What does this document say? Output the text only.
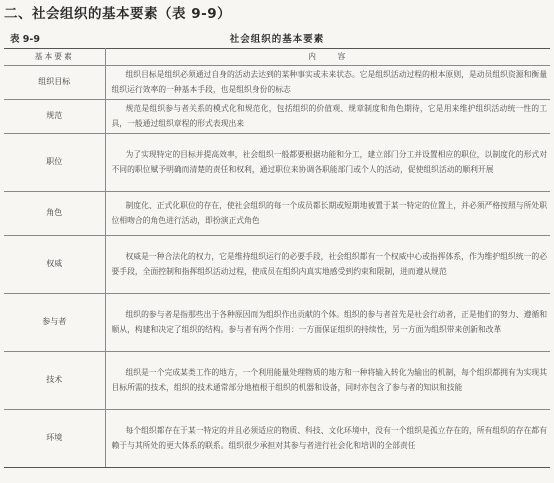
二、社会组织的基本要素（表 9-9）
表 9-9	社会组织的基本要素
基本要素	内　　容
组织目标	组织目标是组织必须通过自身的活动去达到的某种事实或未来状态。它是组织活动过程的根本原则，是动员组织资源和衡量组织运行效率的一种基本手段，也是组织身份的标志
规范	规范是组织参与者关系的模式化和规范化，包括组织的价值观、规章制度和角色期待，它是用来维护组织活动统一性的工具，一般通过组织章程的形式表现出来
职位	为了实现特定的目标并提高效率，社会组织一般都要根据功能和分工，建立部门分工并设置相应的职位，以制度化的形式对不同的职位赋予明确而清楚的责任和权利，通过职位来协调各职能部门或个人的活动，促使组织活动的顺利开展
角色	制度化、正式化职位的存在，使社会组织的每一个成员都长期或短期地被置于某一特定的位置上，并必须严格按照与所处职位相吻合的角色进行活动，即扮演正式角色
权威	权威是一种合法化的权力，它是维持组织运行的必要手段，社会组织都有一个权威中心或指挥体系，作为维护组织统一的必要手段，全面控制和指挥组织活动过程，使成员在组织内真实地感受到约束和限制，进而遵从规范
参与者	组织的参与者是指那些出于各种原因而为组织作出贡献的个体。组织的参与者首先是社会行动者，正是他们的努力、遵循和顺从，构建和决定了组织的结构。参与者有两个作用：一方面保证组织的持续性，另一方面为组织带来创新和改革
技术	组织是一个完成某类工作的地方，一个利用能量处理物质的地方和一种将输入转化为输出的机制，每个组织都拥有为实现其目标所需的技术，组织的技术通常部分地植根于组织的机器和设备，同时亦包含了参与者的知识和技能
环境	每个组织都存在于某一特定的并且必须适应的物质、科技、文化环境中，没有一个组织是孤立存在的，所有组织的存在都有赖于与其所处的更大体系的联系。组织很少承担对其参与者进行社会化和培训的全部责任
